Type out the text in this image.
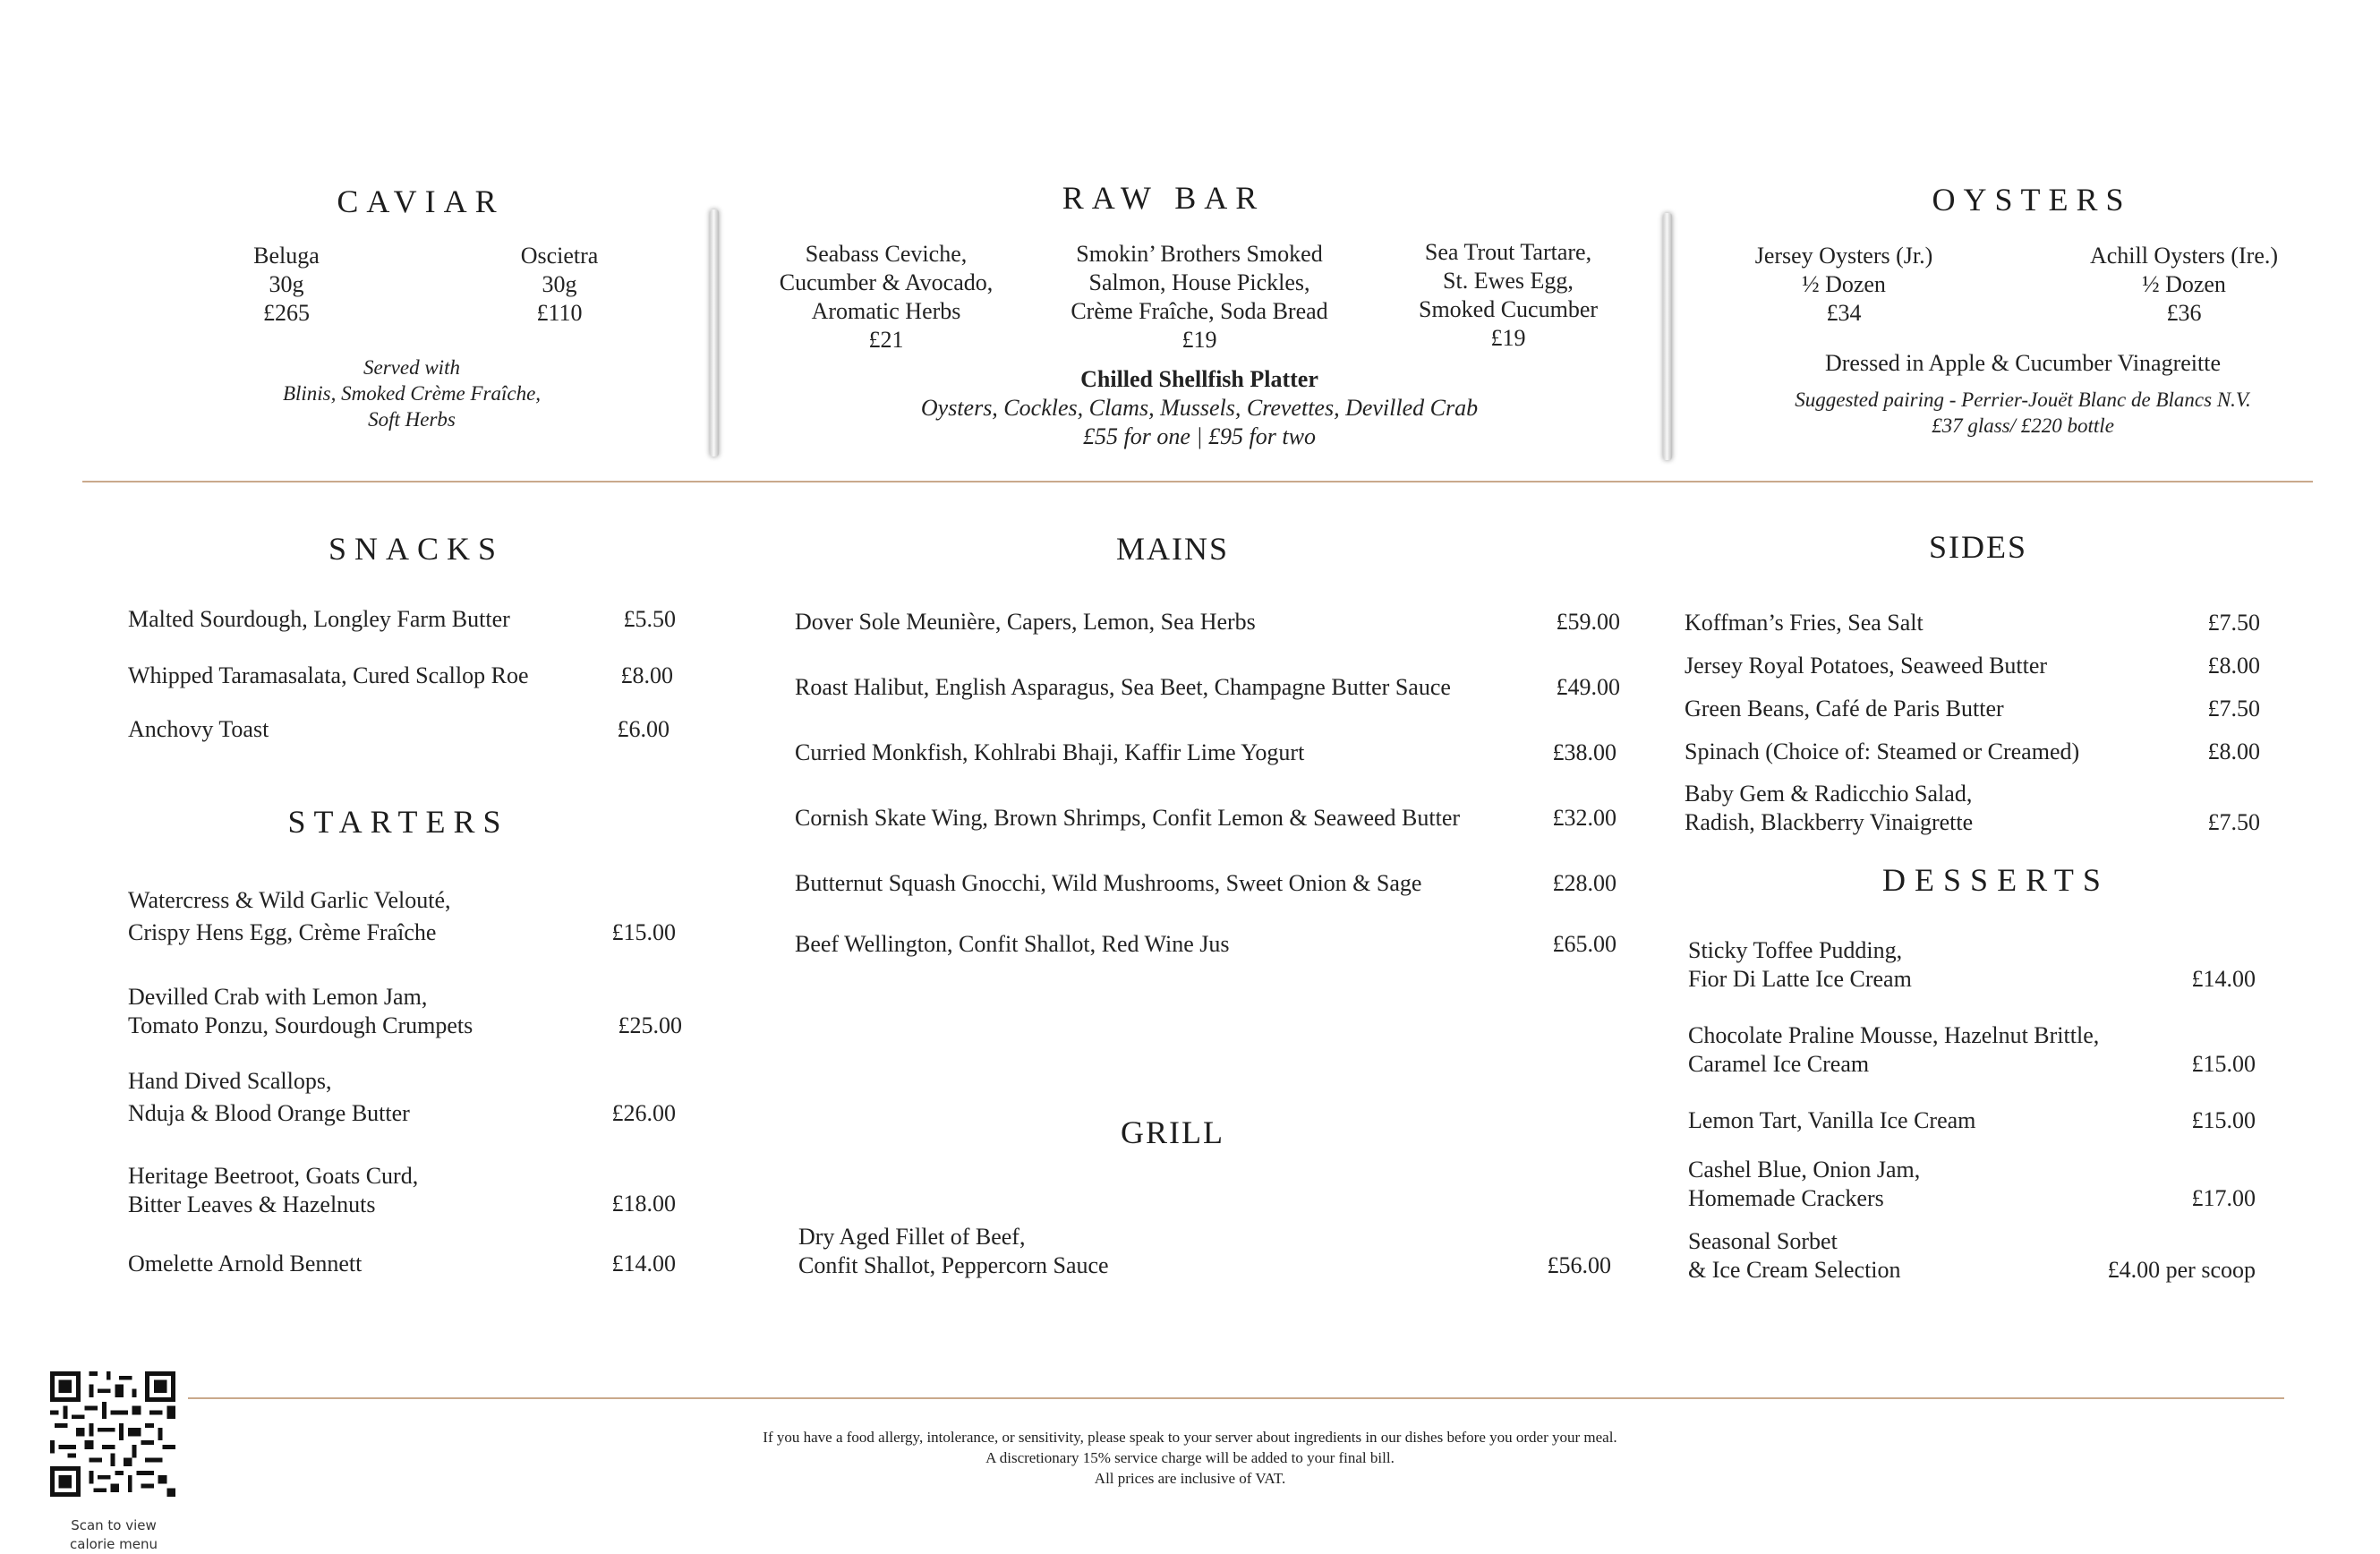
CAVIAR
Beluga
30g
£265
Oscietra
30g
£110
Served with
Blinis, Smoked Crème Fraîche,
Soft Herbs
RAW BAR
Seabass Ceviche,
Cucumber & Avocado,
Aromatic Herbs
£21
Smokin’ Brothers Smoked
Salmon, House Pickles,
Crème Fraîche, Soda Bread
£19
Sea Trout Tartare,
St. Ewes Egg,
Smoked Cucumber
£19
Chilled Shellfish Platter
Oysters, Cockles, Clams, Mussels, Crevettes, Devilled Crab
£55 for one | £95 for two
OYSTERS
Jersey Oysters (Jr.)
½ Dozen
£34
Achill Oysters (Ire.)
½ Dozen
£36
Dressed in Apple & Cucumber Vinagreitte
Suggested pairing - Perrier-Jouët Blanc de Blancs N.V.
£37 glass/ £220 bottle
SNACKS
Malted Sourdough, Longley Farm Butter	£5.50
Whipped Taramasalata, Cured Scallop Roe	£8.00
Anchovy Toast	£6.00
STARTERS
Watercress & Wild Garlic Velouté,
Crispy Hens Egg, Crème Fraîche	£15.00
Devilled Crab with Lemon Jam,
Tomato Ponzu, Sourdough Crumpets	£25.00
Hand Dived Scallops,
Nduja & Blood Orange Butter	£26.00
Heritage Beetroot, Goats Curd,
Bitter Leaves & Hazelnuts	£18.00
Omelette Arnold Bennett	£14.00
MAINS
Dover Sole Meunière, Capers, Lemon, Sea Herbs	£59.00
Roast Halibut, English Asparagus, Sea Beet, Champagne Butter Sauce	£49.00
Curried Monkfish, Kohlrabi Bhaji, Kaffir Lime Yogurt	£38.00
Cornish Skate Wing, Brown Shrimps, Confit Lemon & Seaweed Butter	£32.00
Butternut Squash Gnocchi, Wild Mushrooms, Sweet Onion & Sage	£28.00
Beef Wellington, Confit Shallot, Red Wine Jus	£65.00
GRILL
Dry Aged Fillet of Beef,
Confit Shallot, Peppercorn Sauce	£56.00
SIDES
Koffman’s Fries, Sea Salt	£7.50
Jersey Royal Potatoes, Seaweed Butter	£8.00
Green Beans, Café de Paris Butter	£7.50
Spinach (Choice of: Steamed or Creamed)	£8.00
Baby Gem & Radicchio Salad,
Radish, Blackberry Vinaigrette	£7.50
DESSERTS
Sticky Toffee Pudding,
Fior Di Latte Ice Cream	£14.00
Chocolate Praline Mousse, Hazelnut Brittle,
Caramel Ice Cream	£15.00
Lemon Tart, Vanilla Ice Cream	£15.00
Cashel Blue, Onion Jam,
Homemade Crackers	£17.00
Seasonal Sorbet
& Ice Cream Selection	£4.00 per scoop
Scan to view
calorie menu
If you have a food allergy, intolerance, or sensitivity, please speak to your server about ingredients in our dishes before you order your meal.
A discretionary 15% service charge will be added to your final bill.
All prices are inclusive of VAT.
